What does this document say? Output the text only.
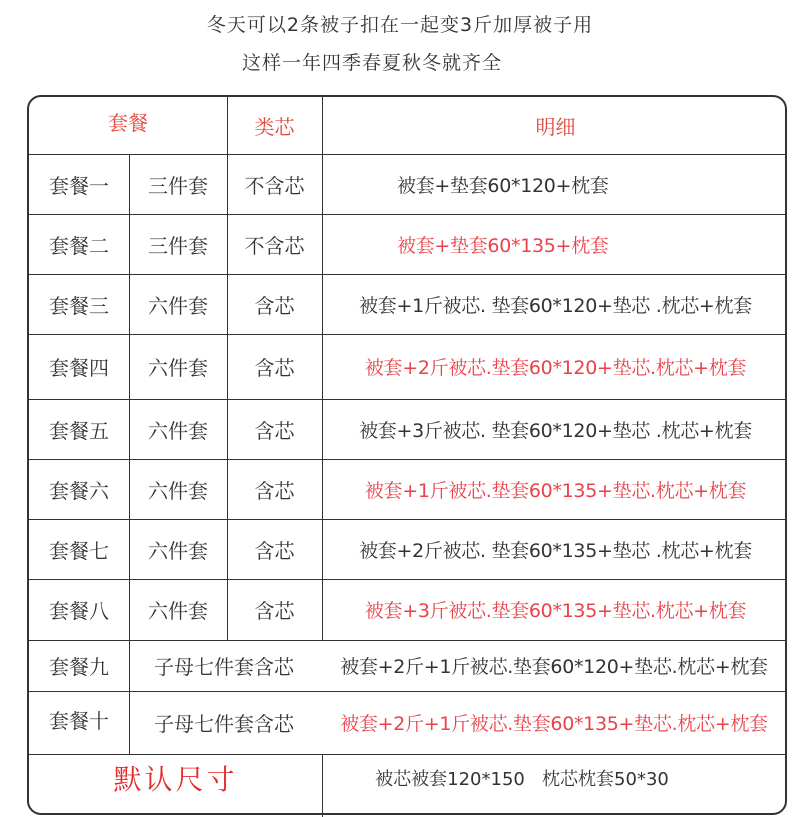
冬天可以2条被子扣在一起变3斤加厚被子用
这样一年四季春夏秋冬就齐全
套餐	类芯	明细
套餐一	三件套	不含芯	被套+垫套60*120+枕套
套餐二	三件套	不含芯	被套+垫套60*135+枕套
套餐三	六件套	含芯	被套+1斤被芯. 垫套60*120+垫芯 .枕芯+枕套
套餐四	六件套	含芯	被套+2斤被芯.垫套60*120+垫芯.枕芯+枕套
套餐五	六件套	含芯	被套+3斤被芯. 垫套60*120+垫芯 .枕芯+枕套
套餐六	六件套	含芯	被套+1斤被芯.垫套60*135+垫芯.枕芯+枕套
套餐七	六件套	含芯	被套+2斤被芯. 垫套60*135+垫芯 .枕芯+枕套
套餐八	六件套	含芯	被套+3斤被芯.垫套60*135+垫芯.枕芯+枕套
套餐九	子母七件套含芯	被套+2斤+1斤被芯.垫套60*120+垫芯.枕芯+枕套
套餐十	子母七件套含芯	被套+2斤+1斤被芯.垫套60*135+垫芯.枕芯+枕套
默认尺寸	被芯被套120*150   枕芯枕套50*30
